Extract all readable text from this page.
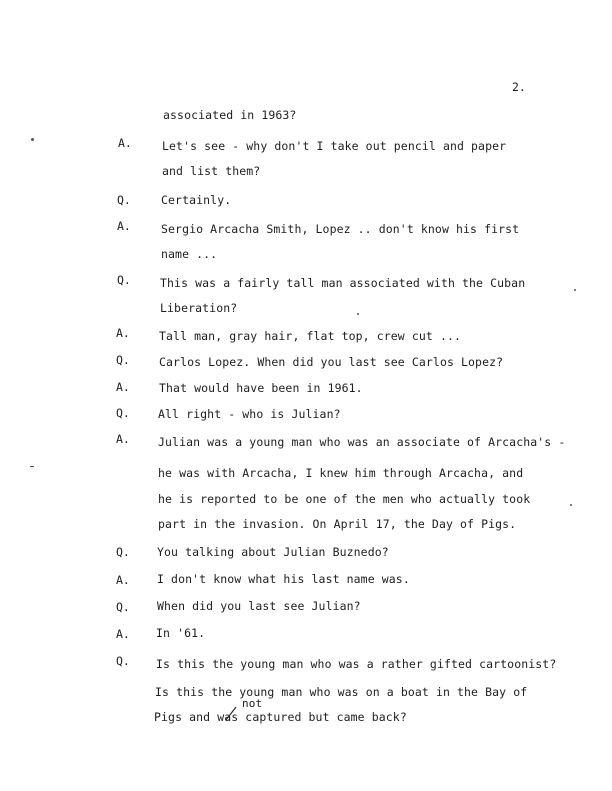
2.
associated in 1963?
A.	Let's see - why don't I take out pencil and paper
and list them?
Q.	Certainly.
A.	Sergio Arcacha Smith, Lopez .. don't know his first
name ...
Q.	This was a fairly tall man associated with the Cuban
Liberation?
A.	Tall man, gray hair, flat top, crew cut ...
Q.	Carlos Lopez. When did you last see Carlos Lopez?
A.	That would have been in 1961.
Q. All right - who is Julian?
A. Julian was a young man who was an associate of Arcacha's -
he was with Arcacha, I knew him through Arcacha, and
he is reported to be one of the men who actually took
part in the invasion. On April 17, the Day of Pigs.
Q. You talking about Julian Buznedo?
A. I don't know what his last name was.
Q. When did you last see Julian?
A. In '61.
Q. Is this the young man who was a rather gifted cartoonist?
Is this the young man who was on a boat in the Bay of
not
Pigs and was captured but came back?
